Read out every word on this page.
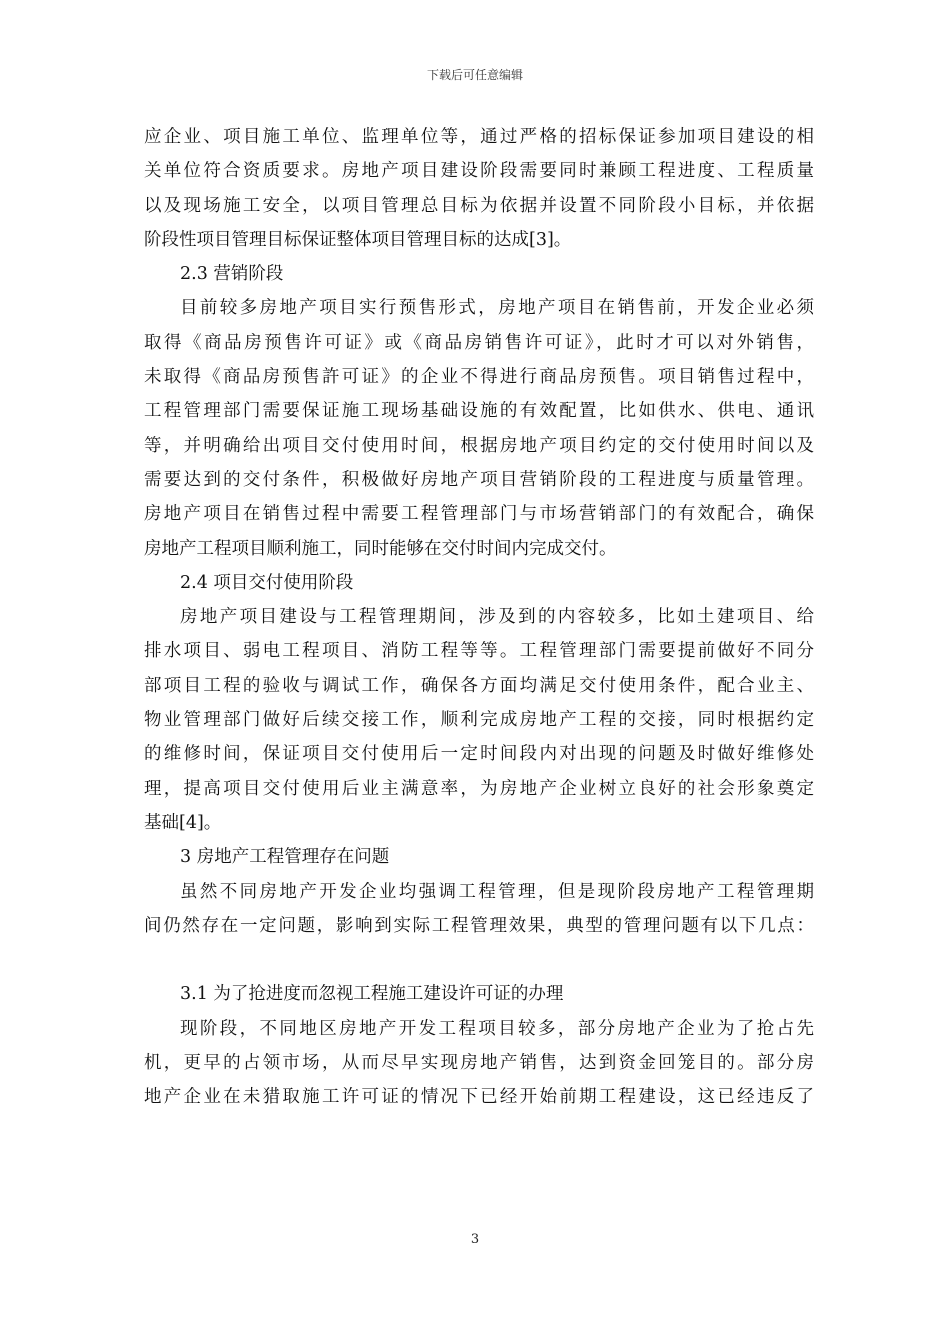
下载后可任意编辑
应企业、项目施工单位、监理单位等，通过严格的招标保证参加项目建设的相
关单位符合资质要求。房地产项目建设阶段需要同时兼顾工程进度、工程质量
以及现场施工安全，以项目管理总目标为依据并设置不同阶段小目标，并依据
阶段性项目管理目标保证整体项目管理目标的达成[3]。
2.3 营销阶段
目前较多房地产项目实行预售形式，房地产项目在销售前，开发企业必须
取得《商品房预售许可证》或《商品房销售许可证》，此时才可以对外销售，
未取得《商品房预售許可证》的企业不得进行商品房预售。项目销售过程中，
工程管理部门需要保证施工现场基础设施的有效配置，比如供水、供电、通讯
等，并明确给出项目交付使用时间，根据房地产项目约定的交付使用时间以及
需要达到的交付条件，积极做好房地产项目营销阶段的工程进度与质量管理。
房地产项目在销售过程中需要工程管理部门与市场营销部门的有效配合，确保
房地产工程项目顺利施工，同时能够在交付时间内完成交付。
2.4 项目交付使用阶段
房地产项目建设与工程管理期间，涉及到的内容较多，比如土建项目、给
排水项目、弱电工程项目、消防工程等等。工程管理部门需要提前做好不同分
部项目工程的验收与调试工作，确保各方面均满足交付使用条件，配合业主、
物业管理部门做好后续交接工作，顺利完成房地产工程的交接，同时根据约定
的维修时间，保证项目交付使用后一定时间段内对出现的问题及时做好维修处
理，提高项目交付使用后业主满意率，为房地产企业树立良好的社会形象奠定
基础[4]。
3 房地产工程管理存在问题
虽然不同房地产开发企业均强调工程管理，但是现阶段房地产工程管理期
间仍然存在一定问题，影响到实际工程管理效果，典型的管理问题有以下几点：
3.1 为了抢进度而忽视工程施工建设许可证的办理
现阶段，不同地区房地产开发工程项目较多，部分房地产企业为了抢占先
机，更早的占领市场，从而尽早实现房地产销售，达到资金回笼目的。部分房
地产企业在未猎取施工许可证的情况下已经开始前期工程建设，这已经违反了
3
